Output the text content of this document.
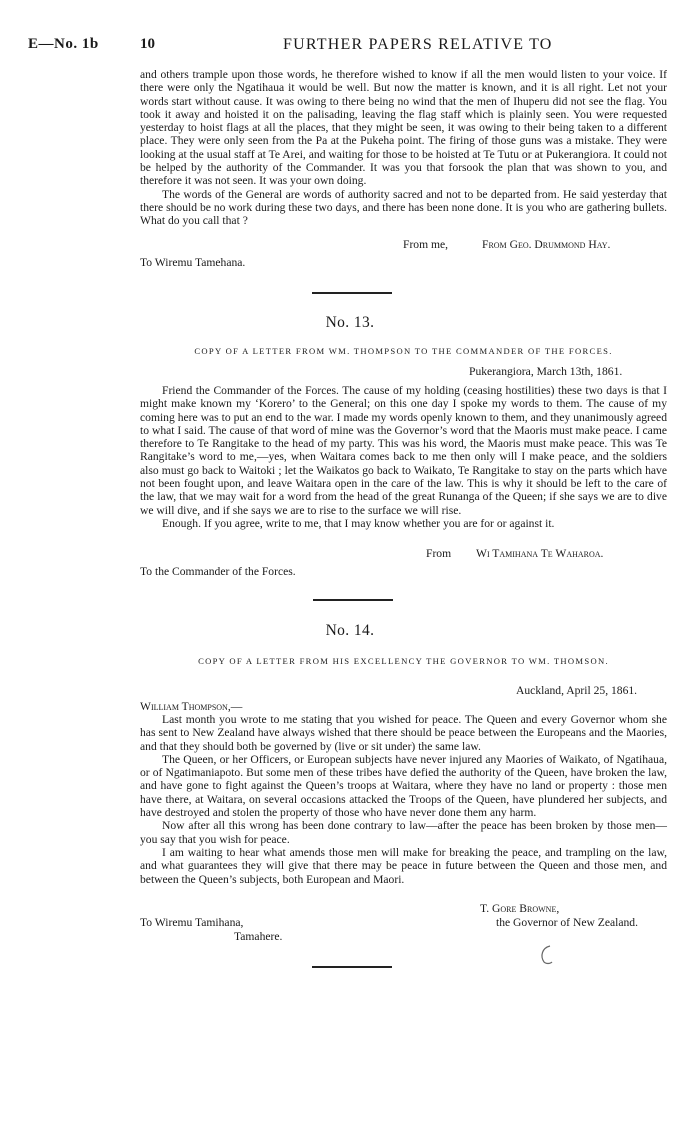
E—No. 1b	10	FURTHER PAPERS RELATIVE TO

and others trample upon those words, he therefore wished to know if all the men would listen to your voice. If there were only the Ngatihaua it would be well. But now the matter is known, and it is all right. Let not your words start without cause. It was owing to there being no wind that the men of Ihuperu did not see the flag. You took it away and hoisted it on the palisading, leaving the flag staff which is plainly seen. You were requested yesterday to hoist flags at all the places, that they might be seen, it was owing to their being taken to a different place. They were only seen from the Pa at the Pukeha point. The firing of those guns was a mistake. They were looking at the usual staff at Te Arei, and waiting for those to be hoisted at Te Tutu or at Pukerangiora. It could not be helped by the authority of the Commander. It was you that forsook the plan that was shown to you, and therefore it was not seen. It was your own doing.

The words of the General are words of authority sacred and not to be departed from. He said yesterday that there should be no work during these two days, and there has been none done. It is you who are gathering bullets. What do you call that ?

From me,	From Geo. Drummond Hay.
To Wiremu Tamehana.
No. 13.
COPY OF A LETTER FROM WM. THOMPSON TO THE COMMANDER OF THE FORCES.
Pukerangiora, March 13th, 1861.

Friend the Commander of the Forces. The cause of my holding (ceasing hostilities) these two days is that I might make known my ‘Korero’ to the General; on this one day I spoke my words to them. The cause of my coming here was to put an end to the war. I made my words openly known to them, and they unanimously agreed to what I said. The cause of that word of mine was the Governor’s word that the Maoris must make peace. I came therefore to Te Rangitake to the head of my party. This was his word, the Maoris must make peace. This was Te Rangitake’s word to me,—yes, when Waitara comes back to me then only will I make peace, and the soldiers also must go back to Waitoki ; let the Waikatos go back to Waikato, Te Rangitake to stay on the parts which have not been fought upon, and leave Waitara open in the care of the law. This is why it should be left to the care of the law, that we may wait for a word from the head of the great Runanga of the Queen; if she says we are to dive we will dive, and if she says we are to rise to the surface we will rise.

Enough. If you agree, write to me, that I may know whether you are for or against it.

From Wi Tamihana Te Waharoa.
To the Commander of the Forces.
No. 14.
COPY OF A LETTER FROM HIS EXCELLENCY THE GOVERNOR TO WM. THOMSON.
Auckland, April 25, 1861.
William Thompson,—

Last month you wrote to me stating that you wished for peace. The Queen and every Governor whom she has sent to New Zealand have always wished that there should be peace between the Europeans and the Maories, and that they should both be governed by (live or sit under) the same law.

The Queen, or her Officers, or European subjects have never injured any Maories of Waikato, of Ngatihaua, or of Ngatimaniapoto. But some men of these tribes have defied the authority of the Queen, have broken the law, and have gone to fight against the Queen’s troops at Waitara, where they have no land or property : those men have there, at Waitara, on several occasions attacked the Troops of the Queen, have plundered her subjects, and have destroyed and stolen the property of those who have never done them any harm.

Now after all this wrong has been done contrary to law—after the peace has been broken by those men—you say that you wish for peace.

I am waiting to hear what amends those men will make for breaking the peace, and trampling on the law, and what guarantees they will give that there may be peace in future between the Queen and those men, and between the Queen’s subjects, both European and Maori.

T. Gore Browne,
the Governor of New Zealand.
To Wiremu Tamihana,
Tamahere.
